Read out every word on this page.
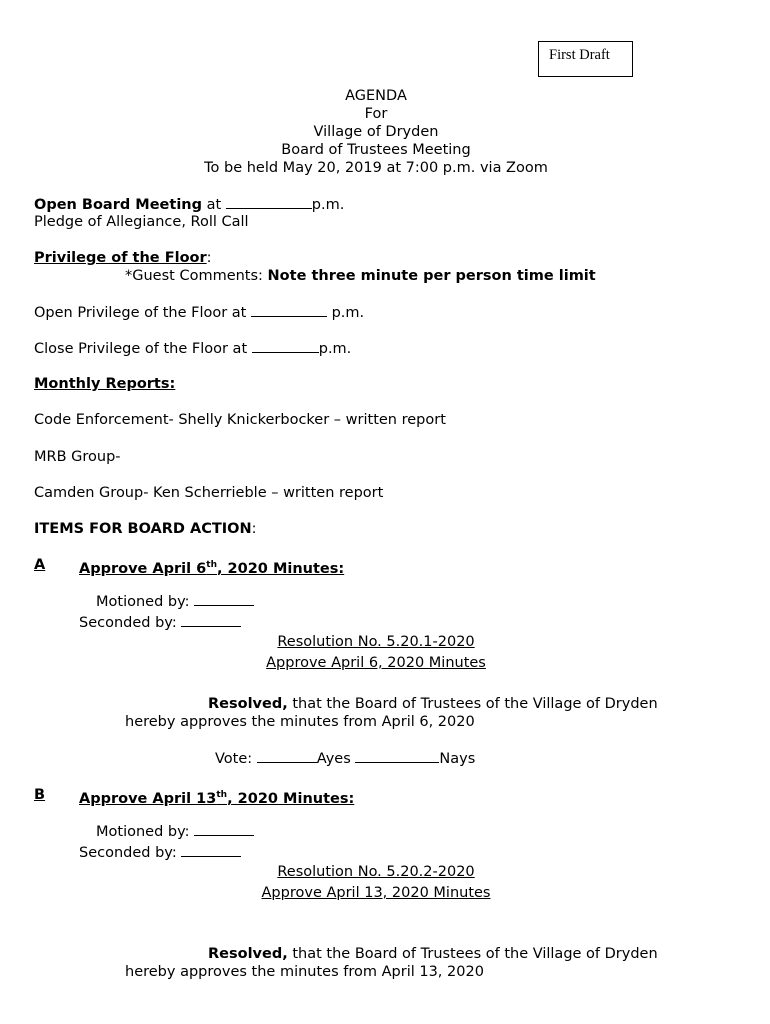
First Draft
AGENDA
For
Village of Dryden
Board of Trustees Meeting
To be held May 20, 2019 at 7:00 p.m. via Zoom
Open Board Meeting at	p.m.
Pledge of Allegiance, Roll Call
Privilege of the Floor:
*Guest Comments: Note three minute per person time limit
Open Privilege of the Floor at	p.m.
Close Privilege of the Floor at	p.m.
Monthly Reports:
Code Enforcement- Shelly Knickerbocker – written report
MRB Group-
Camden Group- Ken Scherrieble – written report
ITEMS FOR BOARD ACTION:
A Approve April 6th, 2020 Minutes:
Motioned by:
Seconded by:
Resolution No. 5.20.1-2020
Approve April 6, 2020 Minutes
Resolved, that the Board of Trustees of the Village of Dryden
hereby approves the minutes from April 6, 2020
Vote:	Ayes	Nays
B Approve April 13th, 2020 Minutes:
Motioned by:
Seconded by:
Resolution No. 5.20.2-2020
Approve April 13, 2020 Minutes
Resolved, that the Board of Trustees of the Village of Dryden
hereby approves the minutes from April 13, 2020
